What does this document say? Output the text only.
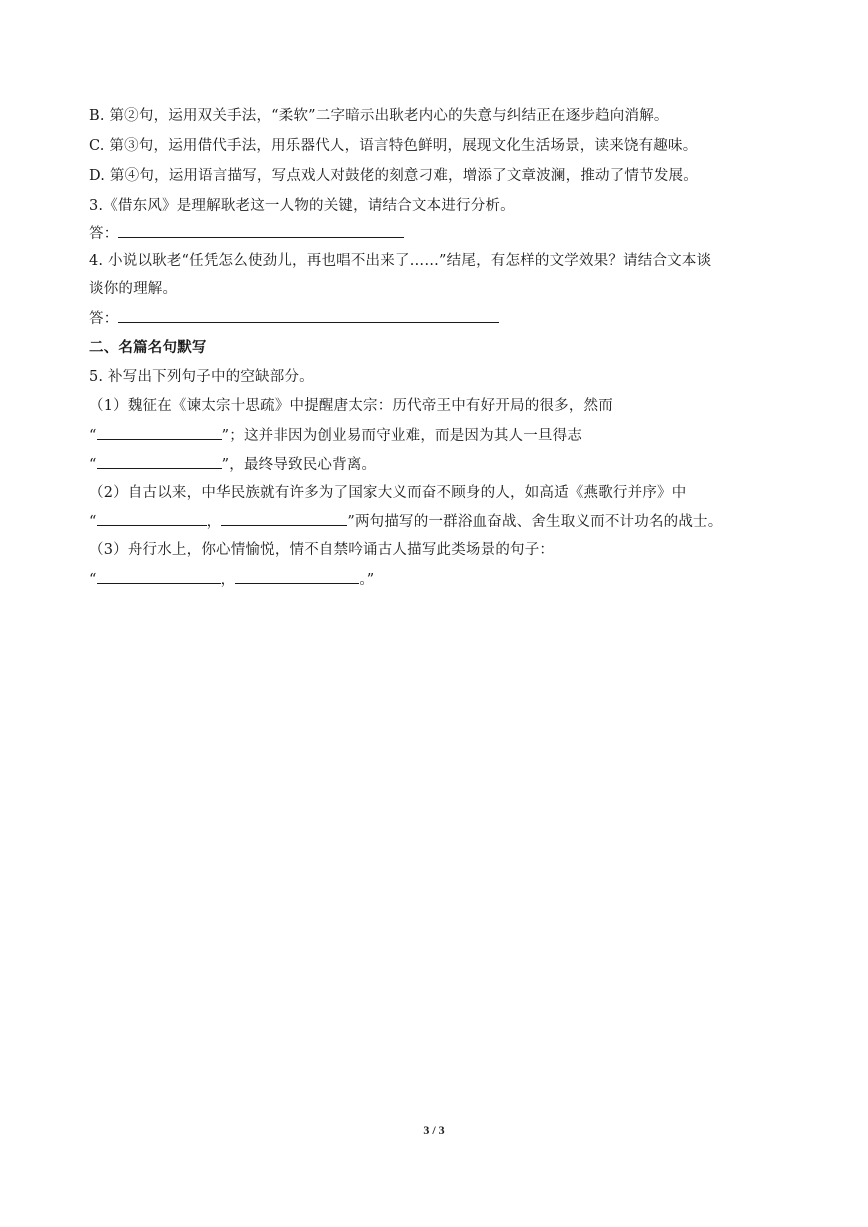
B. 第②句，运用双关手法，“柔软”二字暗示出耿老内心的失意与纠结正在逐步趋向消解。
C. 第③句，运用借代手法，用乐器代人，语言特色鲜明，展现文化生活场景，读来饶有趣味。
D. 第④句，运用语言描写，写点戏人对鼓佬的刻意刁难，增添了文章波澜，推动了情节发展。
3.《借东风》是理解耿老这一人物的关键，请结合文本进行分析。
答：
4. 小说以耿老“任凭怎么使劲儿，再也唱不出来了……”结尾，有怎样的文学效果？请结合文本谈
谈你的理解。
答：
二、名篇名句默写
5. 补写出下列句子中的空缺部分。
（1）魏征在《谏太宗十思疏》中提醒唐太宗：历代帝王中有好开局的很多，然而
“	”；这并非因为创业易而守业难，而是因为其人一旦得志
“	”，最终导致民心背离。
（2）自古以来，中华民族就有许多为了国家大义而奋不顾身的人，如高适《燕歌行并序》中
“	，	”两句描写的一群浴血奋战、舍生取义而不计功名的战士。
（3）舟行水上，你心情愉悦，情不自禁吟诵古人描写此类场景的句子：
“	，	。”
3 / 3
